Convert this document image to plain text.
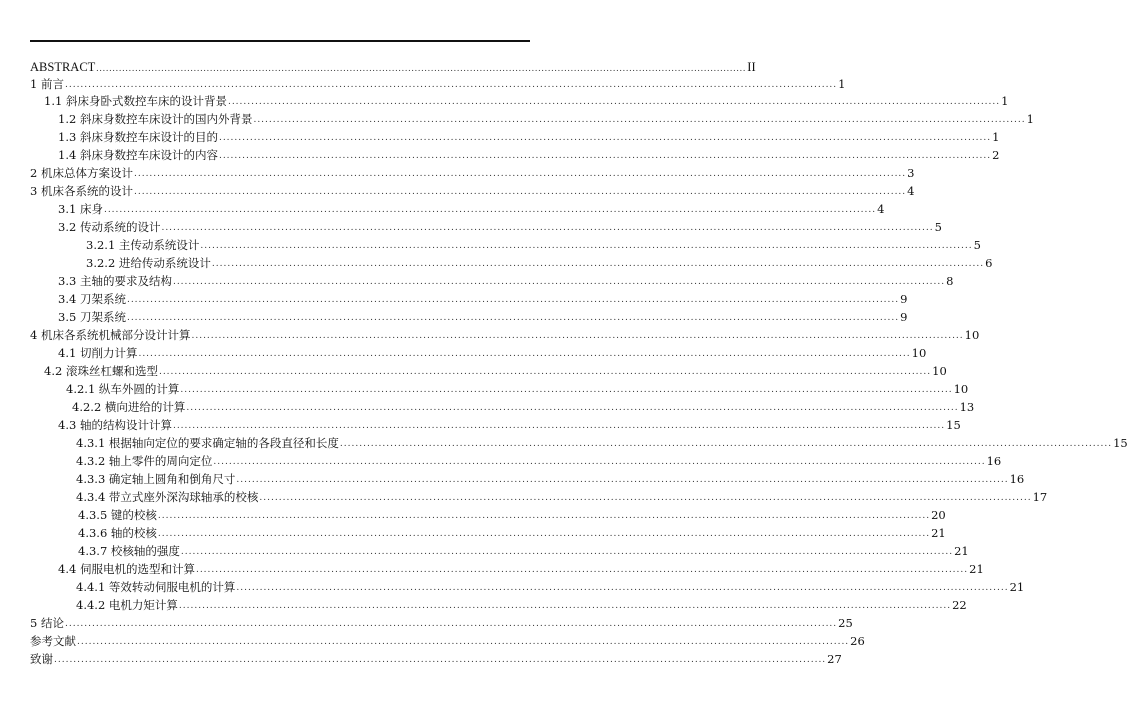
ABSTRACT ........................................................................................................................................................................................................ II
1 前言 ........................................................................................................................................................................................................ 1
1.1 斜床身卧式数控车床的设计背景 ........................................................................................................................................................................................................ 1
1.2 斜床身数控车床设计的国内外背景 ........................................................................................................................................................................................................ 1
1.3 斜床身数控车床设计的目的 ........................................................................................................................................................................................................ 1
1.4 斜床身数控车床设计的内容 ........................................................................................................................................................................................................ 2
2 机床总体方案设计 ........................................................................................................................................................................................................ 3
3 机床各系统的设计 ........................................................................................................................................................................................................ 4
3.1 床身 ........................................................................................................................................................................................................ 4
3.2 传动系统的设计 ........................................................................................................................................................................................................ 5
3.2.1 主传动系统设计 ........................................................................................................................................................................................................ 5
3.2.2 进给传动系统设计 ........................................................................................................................................................................................................ 6
3.3 主轴的要求及结构 ........................................................................................................................................................................................................ 8
3.4 刀架系统 ........................................................................................................................................................................................................ 9
3.5 刀架系统 ........................................................................................................................................................................................................ 9
4 机床各系统机械部分设计计算 ........................................................................................................................................................................................................ 10
4.1 切削力计算 ........................................................................................................................................................................................................ 10
4.2 滚珠丝杠螺和选型 ........................................................................................................................................................................................................ 10
4.2.1 纵车外圆的计算 ........................................................................................................................................................................................................ 10
4.2.2 横向进给的计算 ........................................................................................................................................................................................................ 13
4.3 轴的结构设计计算 ........................................................................................................................................................................................................ 15
4.3.1 根据轴向定位的要求确定轴的各段直径和长度 ........................................................................................................................................................................................................ 15
4.3.2 轴上零件的周向定位 ........................................................................................................................................................................................................ 16
4.3.3 确定轴上圆角和倒角尺寸 ........................................................................................................................................................................................................ 16
4.3.4 带立式座外深沟球轴承的校核 ........................................................................................................................................................................................................ 17
4.3.5 键的校核 ........................................................................................................................................................................................................ 20
4.3.6 轴的校核 ........................................................................................................................................................................................................ 21
4.3.7 校核轴的强度 ........................................................................................................................................................................................................ 21
4.4 伺服电机的选型和计算 ........................................................................................................................................................................................................ 21
4.4.1 等效转动伺服电机的计算 ........................................................................................................................................................................................................ 21
4.4.2 电机力矩计算 ........................................................................................................................................................................................................ 22
5 结论 ........................................................................................................................................................................................................ 25
参考文献 ........................................................................................................................................................................................................ 26
致谢 ........................................................................................................................................................................................................ 27
